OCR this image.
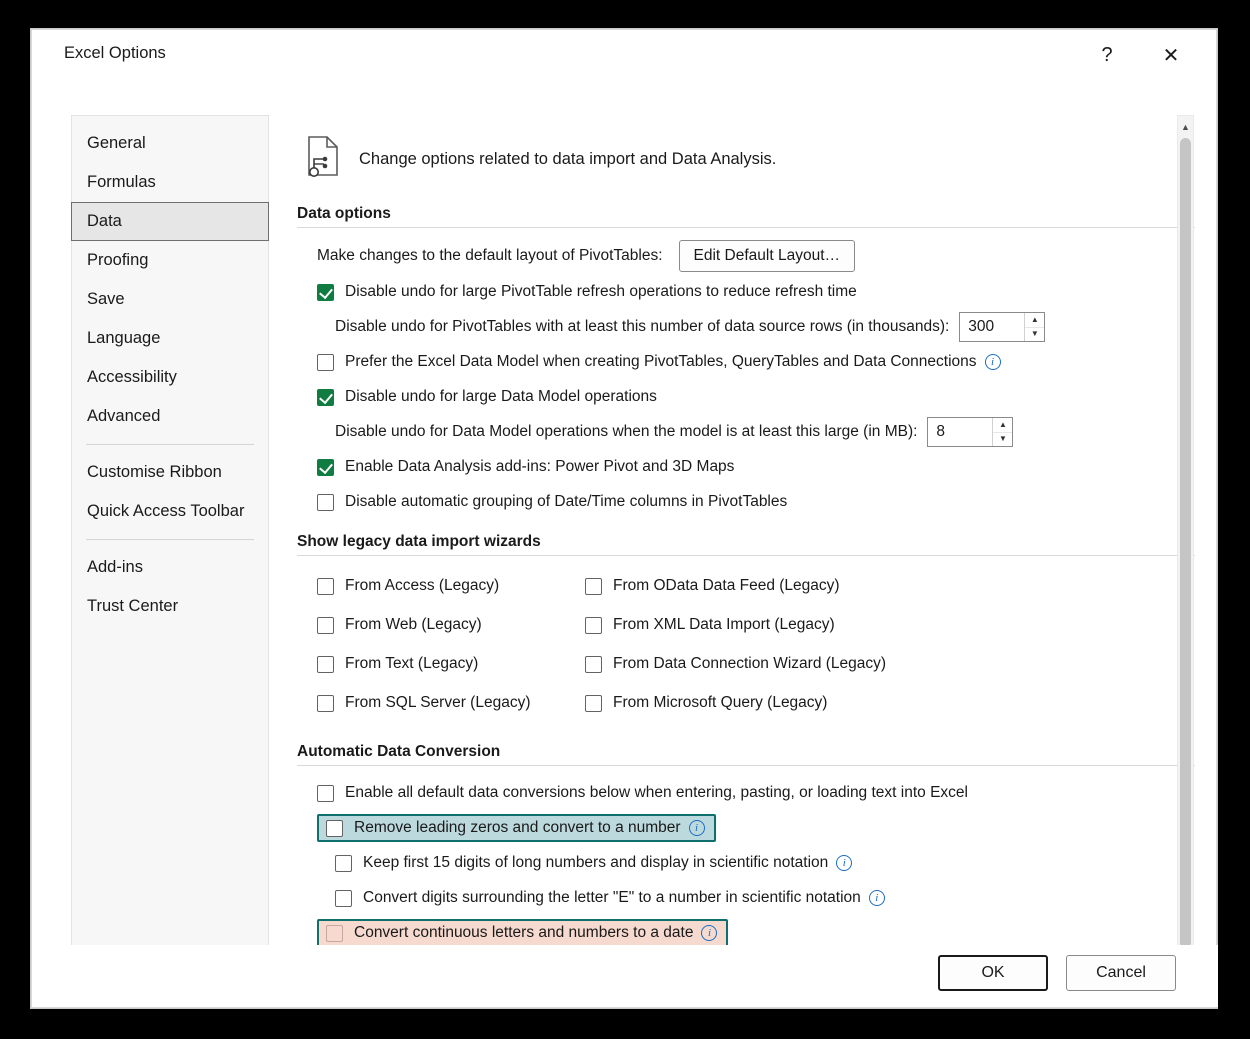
Excel Options	?	✕
General
Formulas
Data
Proofing
Save
Language
Accessibility
Advanced
Customise Ribbon
Quick Access Toolbar
Add-ins
Trust Center
Change options related to data import and Data Analysis.
Data options
Make changes to the default layout of PivotTables:	Edit Default Layout…
Disable undo for large PivotTable refresh operations to reduce refresh time
Disable undo for PivotTables with at least this number of data source rows (in thousands):
300	▲
▼
Prefer the Excel Data Model when creating PivotTables, QueryTables and Data Connections	i
Disable undo for large Data Model operations
Disable undo for Data Model operations when the model is at least this large (in MB):
8	▲
▼
Enable Data Analysis add-ins: Power Pivot and 3D Maps
Disable automatic grouping of Date/Time columns in PivotTables
Show legacy data import wizards
From Access (Legacy)	From OData Data Feed (Legacy)
From Web (Legacy)	From XML Data Import (Legacy)
From Text (Legacy)	From Data Connection Wizard (Legacy)
From SQL Server (Legacy)	From Microsoft Query (Legacy)
Automatic Data Conversion
Enable all default data conversions below when entering, pasting, or loading text into Excel
Remove leading zeros and convert to a number	i
Keep first 15 digits of long numbers and display in scientific notation	i
Convert digits surrounding the letter "E" to a number in scientific notation	i
Convert continuous letters and numbers to a date	i
▲
OK	Cancel
